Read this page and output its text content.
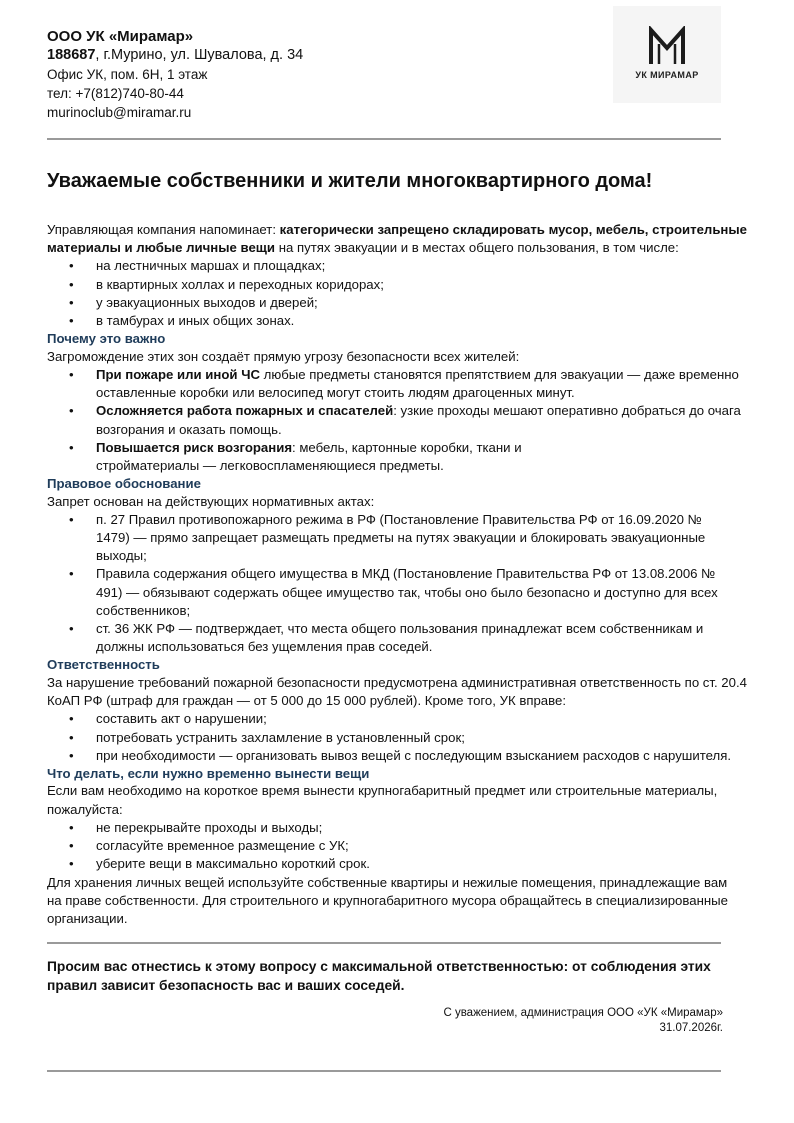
ООО УК «Мирамар»
188687, г.Мурино, ул. Шувалова, д. 34
Офис УК, пом. 6Н, 1 этаж
тел: +7(812)740-80-44
murinoclub@miramar.ru
УК МИРАМАР
Уважаемые собственники и жители многоквартирного дома!

Управляющая компания напоминает: категорически запрещено складировать мусор, мебель, строительные материалы и любые личные вещи на путях эвакуации и в местах общего пользования, в том числе:

• на лестничных маршах и площадках;
• в квартирных холлах и переходных коридорах;
• у эвакуационных выходов и дверей;
• в тамбурах и иных общих зонах.
Почему это важно

Загромождение этих зон создаёт прямую угрозу безопасности всех жителей:

• При пожаре или иной ЧС любые предметы становятся препятствием для эвакуации — даже временно оставленные коробки или велосипед могут стоить людям драгоценных минут.
• Осложняется работа пожарных и спасателей: узкие проходы мешают оперативно добраться до очага возгорания и оказать помощь.
• Повышается риск возгорания: мебель, картонные коробки, ткани и стройматериалы — легковоспламеняющиеся предметы.
Правовое обоснование

Запрет основан на действующих нормативных актах:

• п. 27 Правил противопожарного режима в РФ (Постановление Правительства РФ от 16.09.2020 № 1479) — прямо запрещает размещать предметы на путях эвакуации и блокировать эвакуационные выходы;
• Правила содержания общего имущества в МКД (Постановление Правительства РФ от 13.08.2006 № 491) — обязывают содержать общее имущество так, чтобы оно было безопасно и доступно для всех собственников;
• ст. 36 ЖК РФ — подтверждает, что места общего пользования принадлежат всем собственникам и должны использоваться без ущемления прав соседей.
Ответственность

За нарушение требований пожарной безопасности предусмотрена административная ответственность по ст. 20.4 КоАП РФ (штраф для граждан — от 5 000 до 15 000 рублей). Кроме того, УК вправе:

• составить акт о нарушении;
• потребовать устранить захламление в установленный срок;
• при необходимости — организовать вывоз вещей с последующим взысканием расходов с нарушителя.
Что делать, если нужно временно вынести вещи

Если вам необходимо на короткое время вынести крупногабаритный предмет или строительные материалы, пожалуйста:

• не перекрывайте проходы и выходы;
• согласуйте временное размещение с УК;
• уберите вещи в максимально короткий срок.

Для хранения личных вещей используйте собственные квартиры и нежилые помещения, принадлежащие вам на праве собственности. Для строительного и крупногабаритного мусора обращайтесь в специализированные организации.

Просим вас отнестись к этому вопросу с максимальной ответственностью: от соблюдения этих правил зависит безопасность вас и ваших соседей.
С уважением, администрация ООО «УК «Мирамар»
31.07.2026г.
